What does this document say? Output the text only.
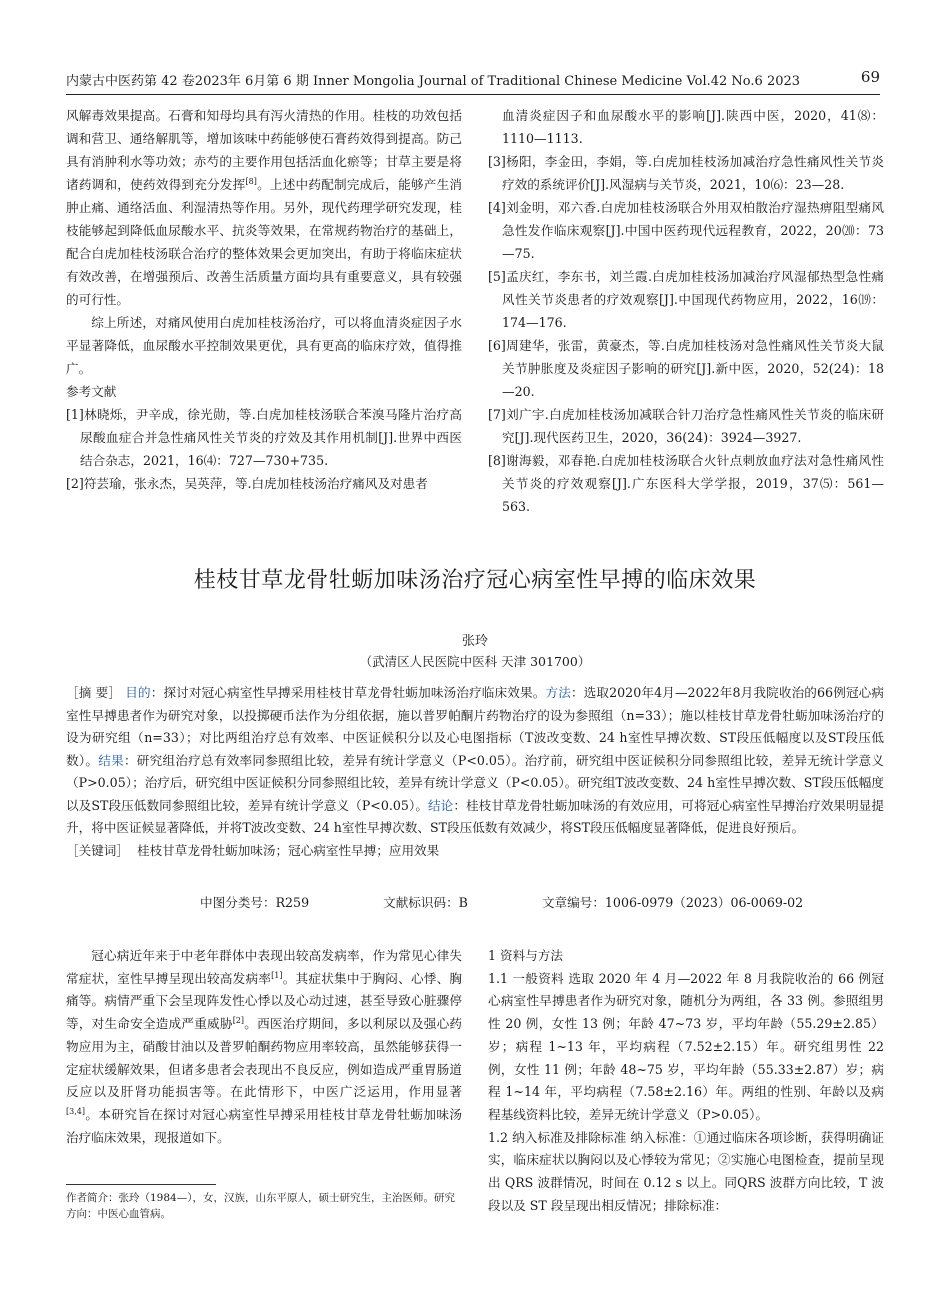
内蒙古中医药第 42 卷2023年 6月第 6 期 Inner Mongolia Journal of Traditional Chinese Medicine Vol.42 No.6 2023	69

风解毒效果提高。石膏和知母均具有泻火清热的作用。桂枝的功效包括调和营卫、通络解肌等，增加该味中药能够使石膏药效得到提高。防己具有消肿利水等功效；赤芍的主要作用包括活血化瘀等；甘草主要是将诸药调和，使药效得到充分发挥[8]。上述中药配制完成后，能够产生消肿止痛、通络活血、利湿清热等作用。另外，现代药理学研究发现，桂枝能够起到降低血尿酸水平、抗炎等效果，在常规药物治疗的基础上，配合白虎加桂枝汤联合治疗的整体效果会更加突出，有助于将临床症状有效改善，在增强预后、改善生活质量方面均具有重要意义，具有较强的可行性。

综上所述，对痛风使用白虎加桂枝汤治疗，可以将血清炎症因子水平显著降低，血尿酸水平控制效果更优，具有更高的临床疗效，值得推广。

参考文献

[1]林晓烁，尹辛成，徐光勋，等.白虎加桂枝汤联合苯溴马隆片治疗高尿酸血症合并急性痛风性关节炎的疗效及其作用机制[J].世界中西医结合杂志，2021，16⑷：727—730+735.

[2]符芸瑜，张永杰，吴英萍，等.白虎加桂枝汤治疗痛风及对患者

血清炎症因子和血尿酸水平的影响[J].陕西中医，2020，41⑻：1110—1113.

[3]杨阳，李金田，李娟，等.白虎加桂枝汤加减治疗急性痛风性关节炎疗效的系统评价[J].风湿病与关节炎，2021，10⑹：23—28.

[4]刘金明，邓六香.白虎加桂枝汤联合外用双柏散治疗湿热痹阻型痛风急性发作临床观察[J].中国中医药现代远程教育，2022，20⒇：73—75.

[5]孟庆红，李东书，刘兰霞.白虎加桂枝汤加减治疗风湿郁热型急性痛风性关节炎患者的疗效观察[J].中国现代药物应用，2022，16⒆：174—176.

[6]周建华，张雷，黄豪杰，等.白虎加桂枝汤对急性痛风性关节炎大鼠关节肿胀度及炎症因子影响的研究[J].新中医，2020，52(24)：18—20.

[7]刘广宇.白虎加桂枝汤加减联合针刀治疗急性痛风性关节炎的临床研究[J].现代医药卫生，2020，36(24)：3924—3927.

[8]谢海毅，邓春艳.白虎加桂枝汤联合火针点刺放血疗法对急性痛风性关节炎的疗效观察[J].广东医科大学学报，2019，37⑸：561—563.

桂枝甘草龙骨牡蛎加味汤治疗冠心病室性早搏的临床效果
张玲
（武清区人民医院中医科 天津 301700）

［摘 要］ 目的：探讨对冠心病室性早搏采用桂枝甘草龙骨牡蛎加味汤治疗临床效果。方法：选取2020年4月—2022年8月我院收治的66例冠心病室性早搏患者作为研究对象，以投掷硬币法作为分组依据，施以普罗帕酮片药物治疗的设为参照组（n=33）；施以桂枝甘草龙骨牡蛎加味汤治疗的设为研究组（n=33）；对比两组治疗总有效率、中医证候积分以及心电图指标（T波改变数、24 h室性早搏次数、ST段压低幅度以及ST段压低数）。结果：研究组治疗总有效率同参照组比较，差异有统计学意义（P<0.05）。治疗前，研究组中医证候积分同参照组比较，差异无统计学意义（P>0.05）；治疗后，研究组中医证候积分同参照组比较，差异有统计学意义（P<0.05）。研究组T波改变数、24 h室性早搏次数、ST段压低幅度以及ST段压低数同参照组比较，差异有统计学意义（P<0.05）。结论：桂枝甘草龙骨牡蛎加味汤的有效应用，可将冠心病室性早搏治疗效果明显提升，将中医证候显著降低，并将T波改变数、24 h室性早搏次数、ST段压低数有效减少，将ST段压低幅度显著降低，促进良好预后。

［关键词］ 桂枝甘草龙骨牡蛎加味汤；冠心病室性早搏；应用效果

中图分类号：R259	文献标识码：B	文章编号：1006-0979（2023）06-0069-02

冠心病近年来于中老年群体中表现出较高发病率，作为常见心律失常症状，室性早搏呈现出较高发病率[1]。其症状集中于胸闷、心悸、胸痛等。病情严重下会呈现阵发性心悸以及心动过速，甚至导致心脏骤停等，对生命安全造成严重威胁[2]。西医治疗期间，多以利尿以及强心药物应用为主，硝酸甘油以及普罗帕酮药物应用率较高，虽然能够获得一定症状缓解效果，但诸多患者会表现出不良反应，例如造成严重胃肠道反应以及肝肾功能损害等。在此情形下，中医广泛运用，作用显著[3,4]。本研究旨在探讨对冠心病室性早搏采用桂枝甘草龙骨牡蛎加味汤治疗临床效果，现报道如下。

作者简介：张玲（1984—），女，汉族，山东平原人，硕士研究生，主治医师。研究方向：中医心血管病。

1 资料与方法

1.1 一般资料 选取 2020 年 4 月—2022 年 8 月我院收治的 66 例冠心病室性早搏患者作为研究对象，随机分为两组，各 33 例。参照组男性 20 例，女性 13 例；年龄 47~73 岁，平均年龄（55.29±2.85）岁；病程 1~13 年，平均病程（7.52±2.15）年。研究组男性 22 例，女性 11 例；年龄 48~75 岁，平均年龄（55.33±2.87）岁；病程 1~14 年，平均病程（7.58±2.16）年。两组的性别、年龄以及病程基线资料比较，差异无统计学意义（P>0.05）。

1.2 纳入标准及排除标准 纳入标准：①通过临床各项诊断，获得明确证实，临床症状以胸闷以及心悸较为常见；②实施心电图检查，提前呈现出 QRS 波群情况，时间在 0.12 s 以上。同QRS 波群方向比较，T 波段以及 ST 段呈现出相反情况；排除标准：
